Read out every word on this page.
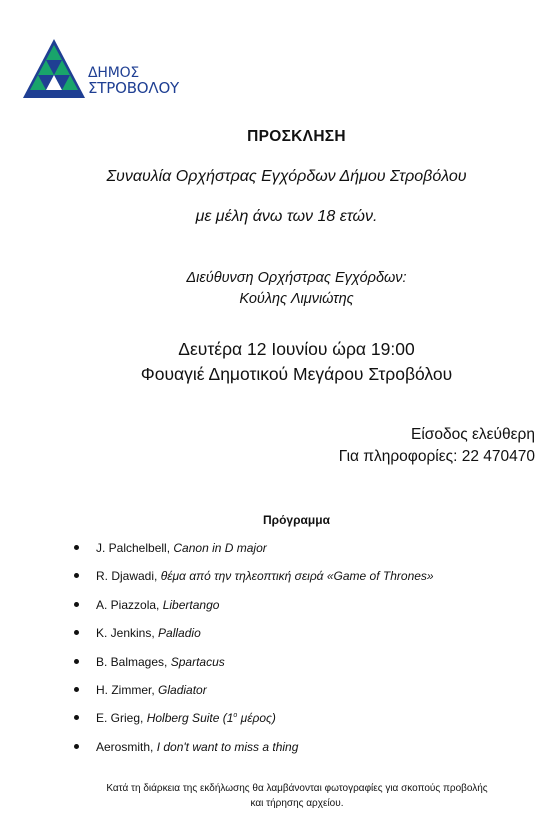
ΔΗΜΟΣ
ΣΤΡΟΒΟΛΟΥ
ΠΡΟΣΚΛΗΣΗ
Συναυλία Ορχήστρας Εγχόρδων Δήμου Στροβόλου
με μέλη άνω των 18 ετών.
Διεύθυνση Ορχήστρας Εγχόρδων:
Κούλης Λιμνιώτης
Δευτέρα 12 Ιουνίου ώρα 19:00
Φουαγιέ Δημοτικού Μεγάρου Στροβόλου
Είσοδος ελεύθερη
Για πληροφορίες: 22 470470
Πρόγραμμα
J. Palchelbell, Canon in D major
R. Djawadi, θέμα από την τηλεοπτική σειρά «Game of Thrones»
A. Piazzola, Libertango
K. Jenkins, Palladio
B. Balmages, Spartacus
H. Zimmer, Gladiator
E. Grieg, Holberg Suite ($1^o$ μέρος)
Aerosmith, I don't want to miss a thing
Κατά τη διάρκεια της εκδήλωσης θα λαμβάνονται φωτογραφίες για σκοπούς προβολής
και τήρησης αρχείου.
